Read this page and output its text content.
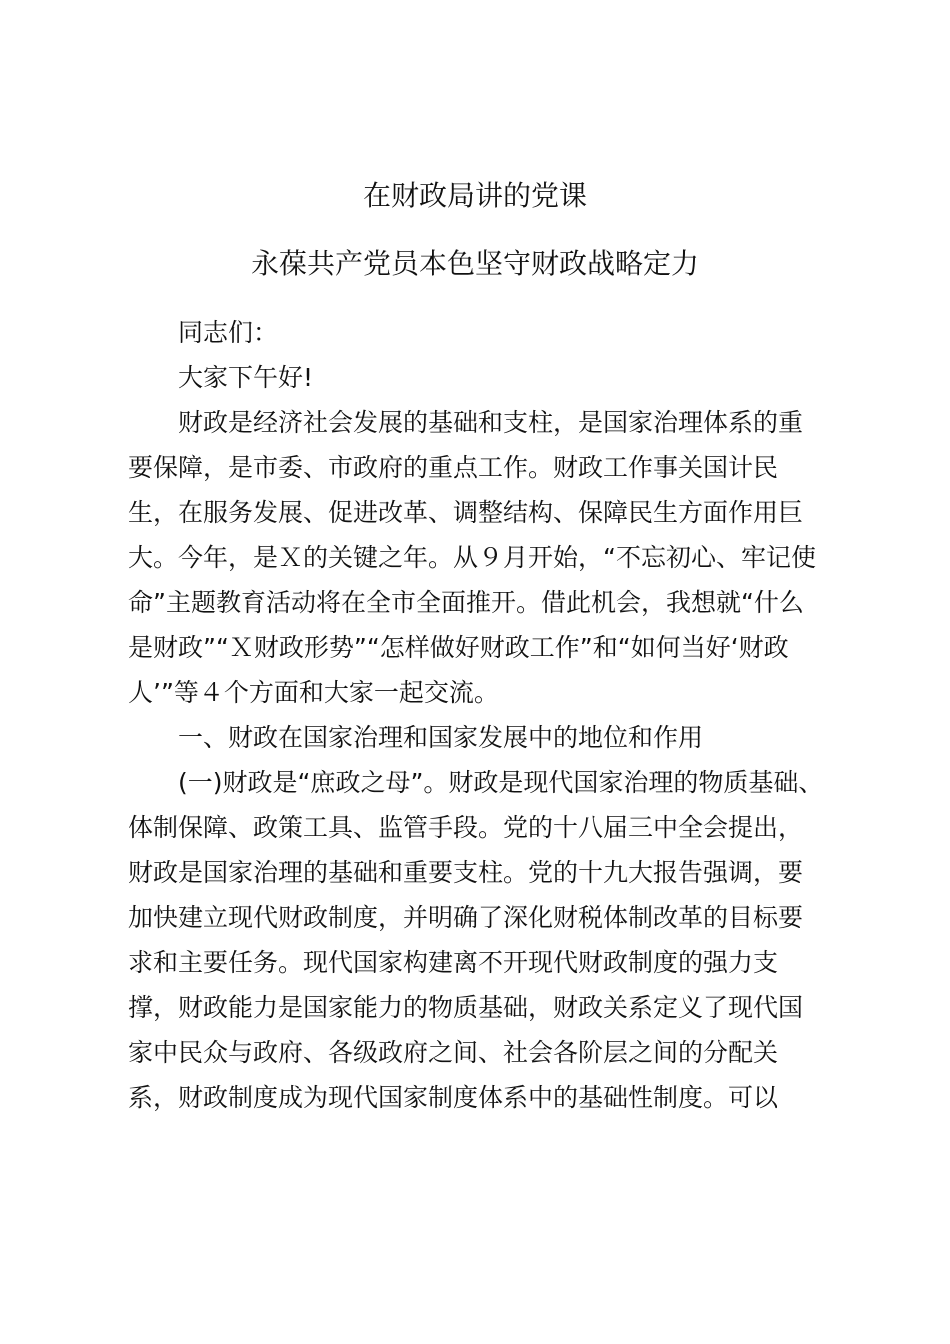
在财政局讲的党课
永葆共产党员本色坚守财政战略定力

同志们：

大家下午好!

财政是经济社会发展的基础和支柱，是国家治理体系的重

要保障，是市委、市政府的重点工作。财政工作事关国计民

生，在服务发展、促进改革、调整结构、保障民生方面作用巨

大。今年，是Ｘ的关键之年。从９月开始，“不忘初心、牢记使

命”主题教育活动将在全市全面推开。借此机会，我想就“什么

是财政”“Ｘ财政形势”“怎样做好财政工作”和“如何当好‘财政

人’”等４个方面和大家一起交流。

一、财政在国家治理和国家发展中的地位和作用

(一)财政是“庶政之母”。财政是现代国家治理的物质基础、

体制保障、政策工具、监管手段。党的十八届三中全会提出，

财政是国家治理的基础和重要支柱。党的十九大报告强调，要

加快建立现代财政制度，并明确了深化财税体制改革的目标要

求和主要任务。现代国家构建离不开现代财政制度的强力支

撑，财政能力是国家能力的物质基础，财政关系定义了现代国

家中民众与政府、各级政府之间、社会各阶层之间的分配关

系，财政制度成为现代国家制度体系中的基础性制度。可以
